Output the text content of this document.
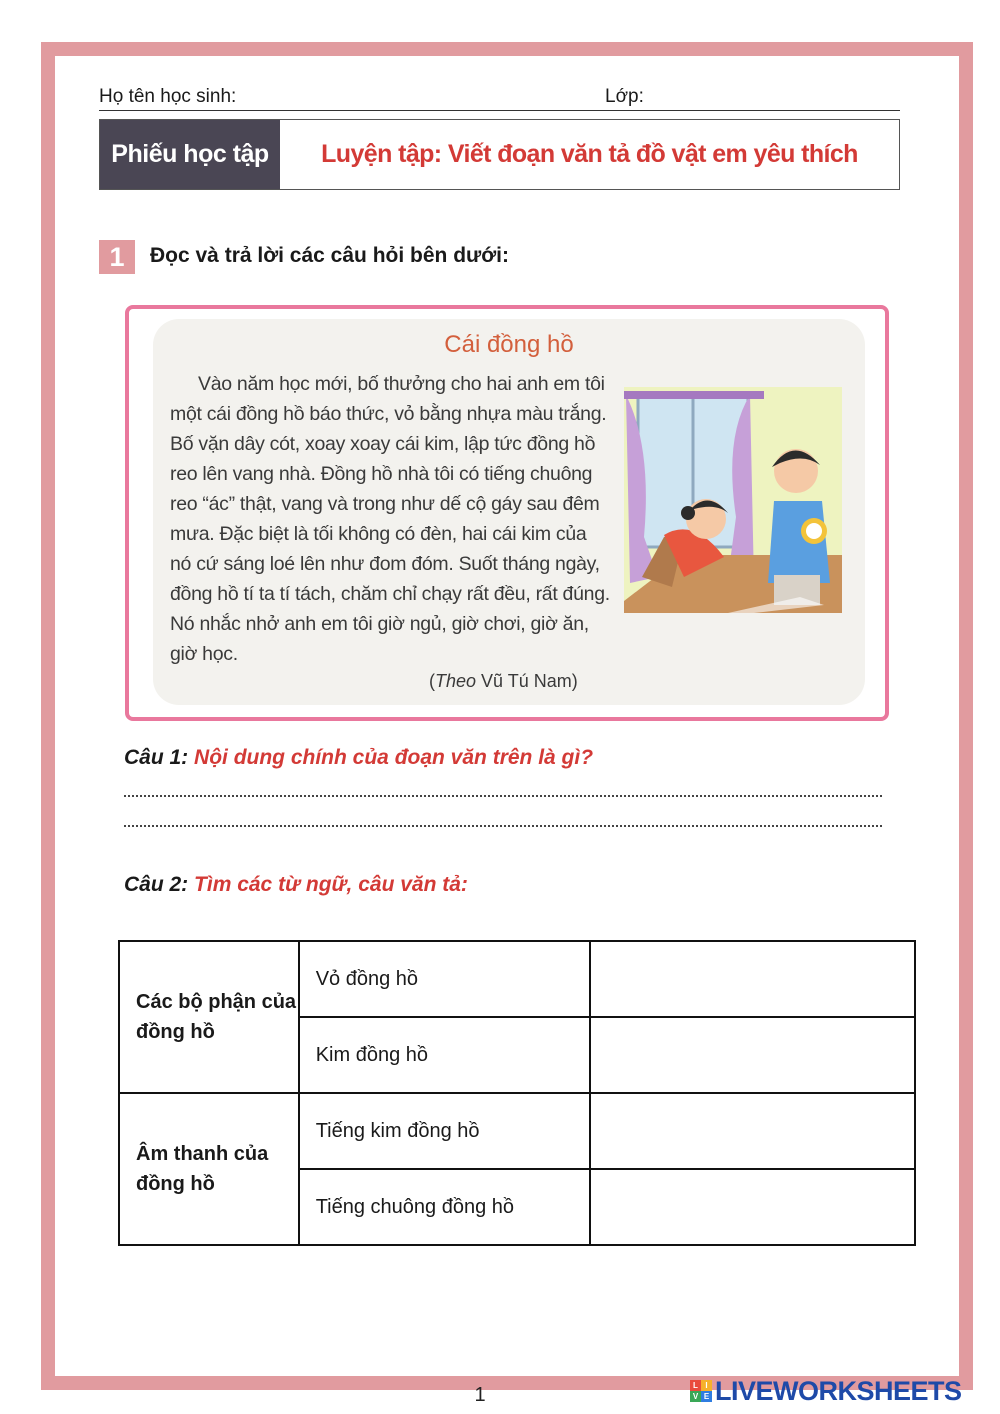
Họ tên học sinh:	Lớp:
Phiếu học tập	Luyện tập: Viết đoạn văn tả đồ vật em yêu thích
1	Đọc và trả lời các câu hỏi bên dưới:
Cái đồng hồ
Vào năm học mới, bố thưởng cho hai anh em tôi một cái đồng hồ báo thức, vỏ bằng nhựa màu trắng. Bố vặn dây cót, xoay xoay cái kim, lập tức đồng hồ reo lên vang nhà. Đồng hồ nhà tôi có tiếng chuông reo “ác” thật, vang và trong như dế cộ gáy sau đêm mưa. Đặc biệt là tối không có đèn, hai cái kim của nó cứ sáng loé lên như đom đóm. Suốt tháng ngày, đồng hồ tí ta tí tách, chăm chỉ chạy rất đều, rất đúng. Nó nhắc nhở anh em tôi giờ ngủ, giờ chơi, giờ ăn, giờ học.
(Theo Vũ Tú Nam)
Câu 1: Nội dung chính của đoạn văn trên là gì?
Câu 2: Tìm các từ ngữ, câu văn tả:
Các bộ phận của đồng hồ	Vỏ đồng hồ	
	Kim đồng hồ	
Âm thanh của đồng hồ	Tiếng kim đồng hồ	
	Tiếng chuông đồng hồ	
1	L I
V E LIVEWORKSHEETS
